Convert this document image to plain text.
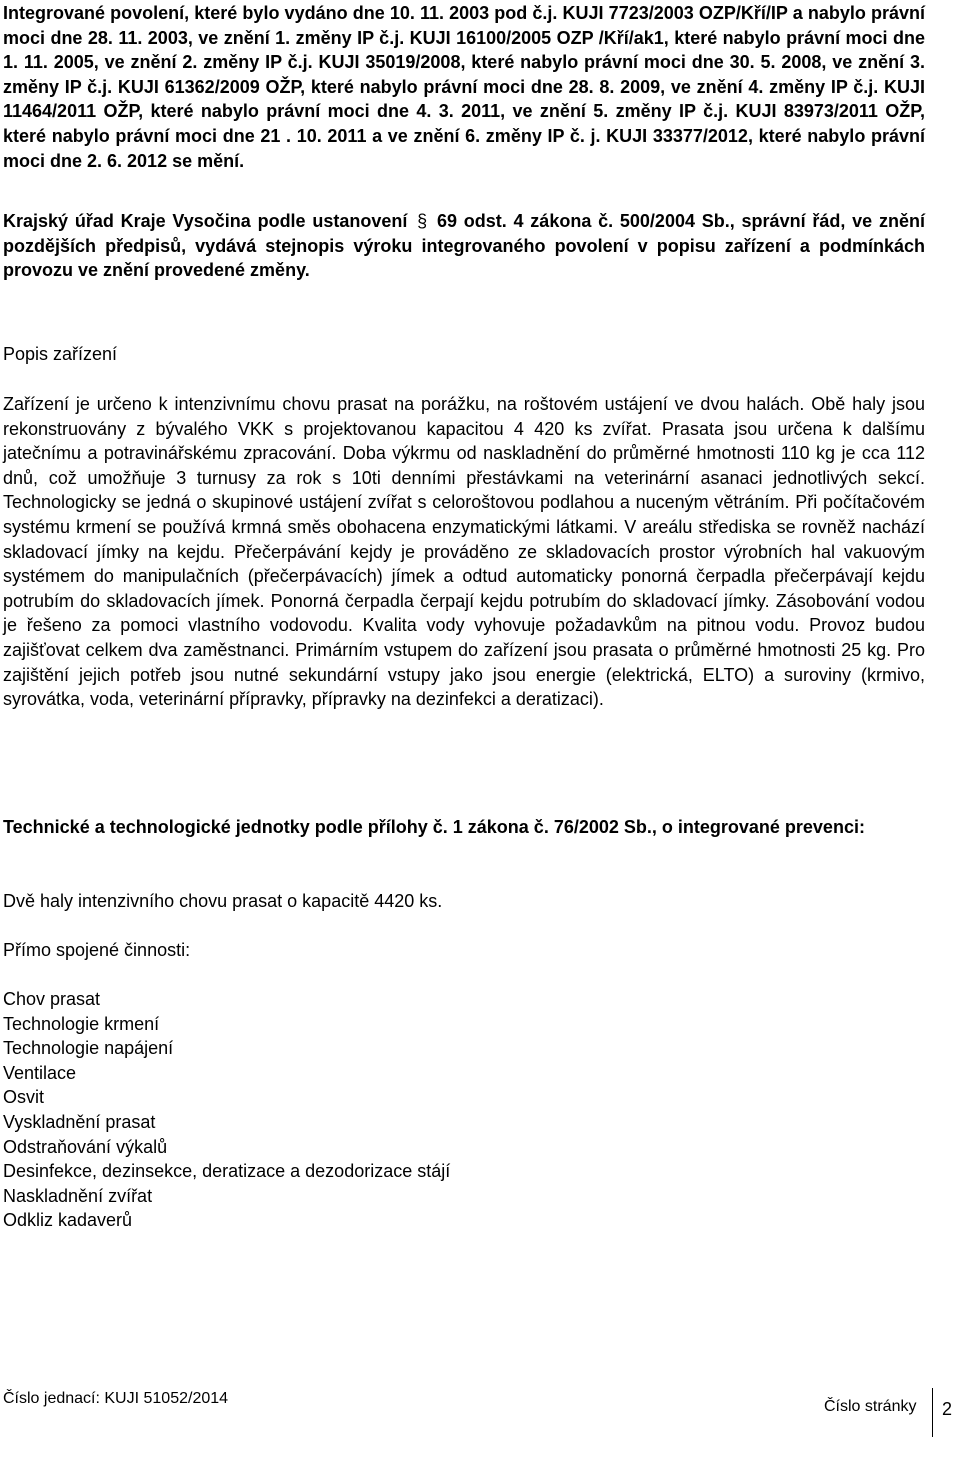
Integrované povolení, které bylo vydáno dne 10. 11. 2003 pod č.j. KUJI 7723/2003 OZP/Kří/IP a nabylo právní moci dne 28. 11. 2003, ve znění 1. změny IP č.j. KUJI 16100/2005 OZP /Kří/ak1, které nabylo právní moci dne 1. 11. 2005, ve znění 2. změny IP č.j. KUJI 35019/2008, které nabylo právní moci dne 30. 5. 2008, ve znění 3. změny IP č.j. KUJI 61362/2009 OŽP, které nabylo právní moci dne 28. 8. 2009, ve znění 4. změny IP č.j. KUJI 11464/2011 OŽP, které nabylo právní moci dne 4. 3. 2011, ve znění 5. změny IP č.j. KUJI 83973/2011 OŽP, které nabylo právní moci dne 21 . 10. 2011 a ve znění 6. změny IP č. j. KUJI 33377/2012, které nabylo právní moci dne 2. 6. 2012 se mění.

Krajský úřad Kraje Vysočina podle ustanovení § 69 odst. 4 zákona č. 500/2004 Sb., správní řád, ve znění pozdějších předpisů, vydává stejnopis výroku integrovaného povolení v popisu zařízení a podmínkách provozu ve znění provedené změny.

Popis zařízení

Zařízení je určeno k intenzivnímu chovu prasat na porážku, na roštovém ustájení ve dvou halách. Obě haly jsou rekonstruovány z bývalého VKK s projektovanou kapacitou 4 420 ks zvířat. Prasata jsou určena k dalšímu jatečnímu a potravinářskému zpracování. Doba výkrmu od naskladnění do průměrné hmotnosti 110 kg je cca 112 dnů, což umožňuje 3 turnusy za rok s 10ti denními přestávkami na veterinární asanaci jednotlivých sekcí. Technologicky se jedná o skupinové ustájení zvířat s celoroštovou podlahou a nuceným větráním. Při počítačovém systému krmení se používá krmná směs obohacena enzymatickými látkami. V areálu střediska se rovněž nachází skladovací jímky na kejdu. Přečerpávání kejdy je prováděno ze skladovacích prostor výrobních hal vakuovým systémem do manipulačních (přečerpávacích) jímek a odtud automaticky ponorná čerpadla přečerpávají kejdu potrubím do skladovacích jímek. Ponorná čerpadla čerpají kejdu potrubím do skladovací jímky. Zásobování vodou je řešeno za pomoci vlastního vodovodu. Kvalita vody vyhovuje požadavkům na pitnou vodu. Provoz budou zajišťovat celkem dva zaměstnanci. Primárním vstupem do zařízení jsou prasata o průměrné hmotnosti 25 kg. Pro zajištění jejich potřeb jsou nutné sekundární vstupy jako jsou energie (elektrická, ELTO) a suroviny (krmivo, syrovátka, voda, veterinární přípravky, přípravky na dezinfekci a deratizaci).

Technické a technologické jednotky podle přílohy č. 1 zákona č. 76/2002 Sb., o integrované prevenci:

Dvě haly intenzivního chovu prasat o kapacitě 4420 ks.

Přímo spojené činnosti:

Chov prasat
Technologie krmení
Technologie napájení
Ventilace
Osvit
Vyskladnění prasat
Odstraňování výkalů
Desinfekce, dezinsekce, deratizace a dezodorizace stájí
Naskladnění zvířat
Odkliz kadaverů
Číslo jednací: KUJI 51052/2014	Číslo stránky 2
